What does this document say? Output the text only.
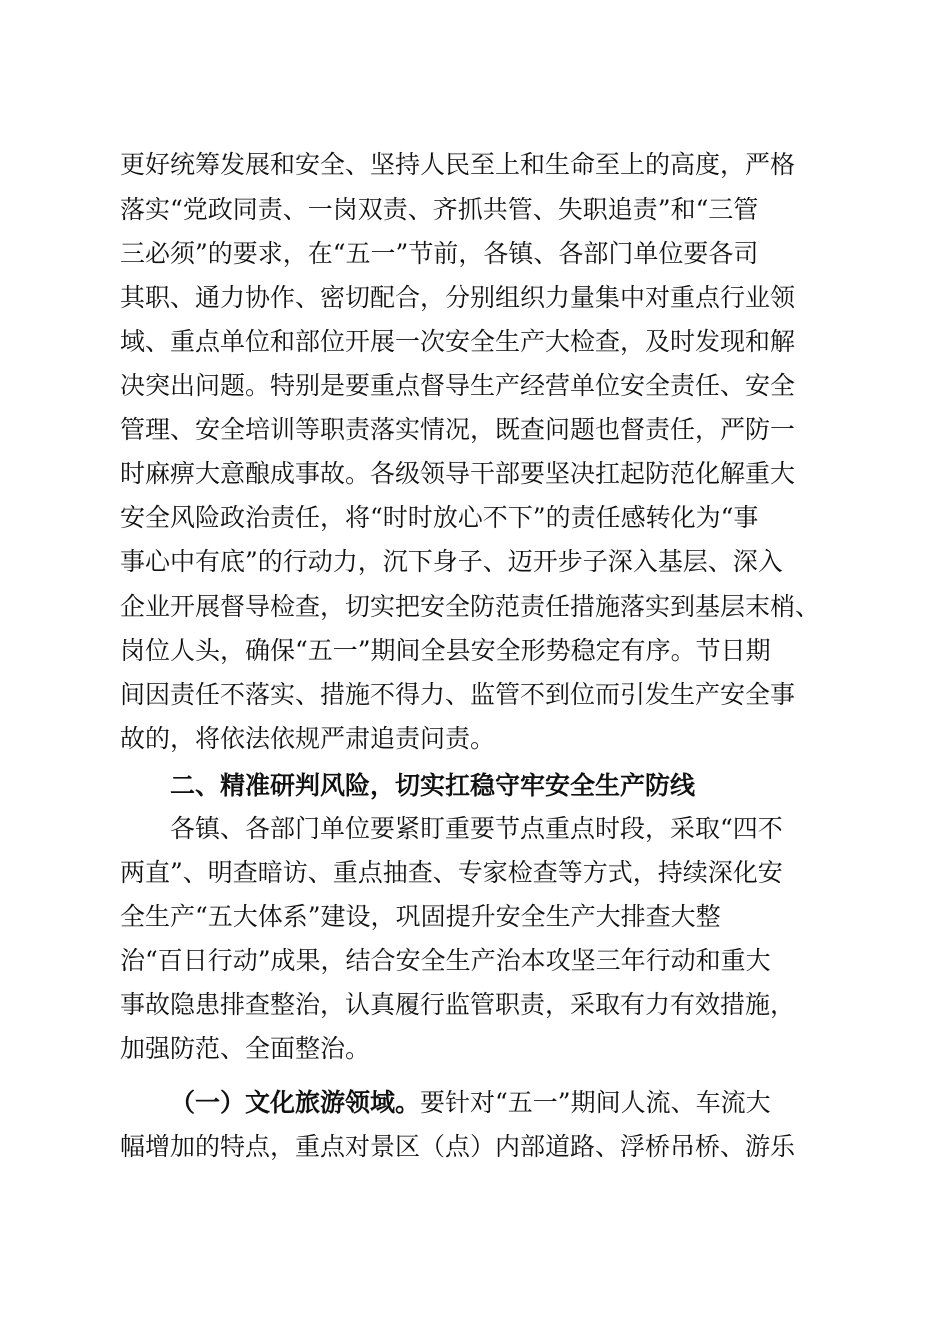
更好统筹发展和安全、坚持人民至上和生命至上的高度，严格
落实“党政同责、一岗双责、齐抓共管、失职追责”和“三管
三必须”的要求，在“五一”节前，各镇、各部门单位要各司
其职、通力协作、密切配合，分别组织力量集中对重点行业领
域、重点单位和部位开展一次安全生产大检查，及时发现和解
决突出问题。特别是要重点督导生产经营单位安全责任、安全
管理、安全培训等职责落实情况，既查问题也督责任，严防一
时麻痹大意酿成事故。各级领导干部要坚决扛起防范化解重大
安全风险政治责任，将“时时放心不下”的责任感转化为“事
事心中有底”的行动力，沉下身子、迈开步子深入基层、深入
企业开展督导检查，切实把安全防范责任措施落实到基层末梢、
岗位人头，确保“五一”期间全县安全形势稳定有序。节日期
间因责任不落实、措施不得力、监管不到位而引发生产安全事
故的，将依法依规严肃追责问责。
二、精准研判风险，切实扛稳守牢安全生产防线
各镇、各部门单位要紧盯重要节点重点时段，采取“四不
两直”、明查暗访、重点抽查、专家检查等方式，持续深化安
全生产“五大体系”建设，巩固提升安全生产大排查大整
治“百日行动”成果，结合安全生产治本攻坚三年行动和重大
事故隐患排查整治，认真履行监管职责，采取有力有效措施，
加强防范、全面整治。
（一）文化旅游领域。要针对“五一”期间人流、车流大
幅增加的特点，重点对景区（点）内部道路、浮桥吊桥、游乐
